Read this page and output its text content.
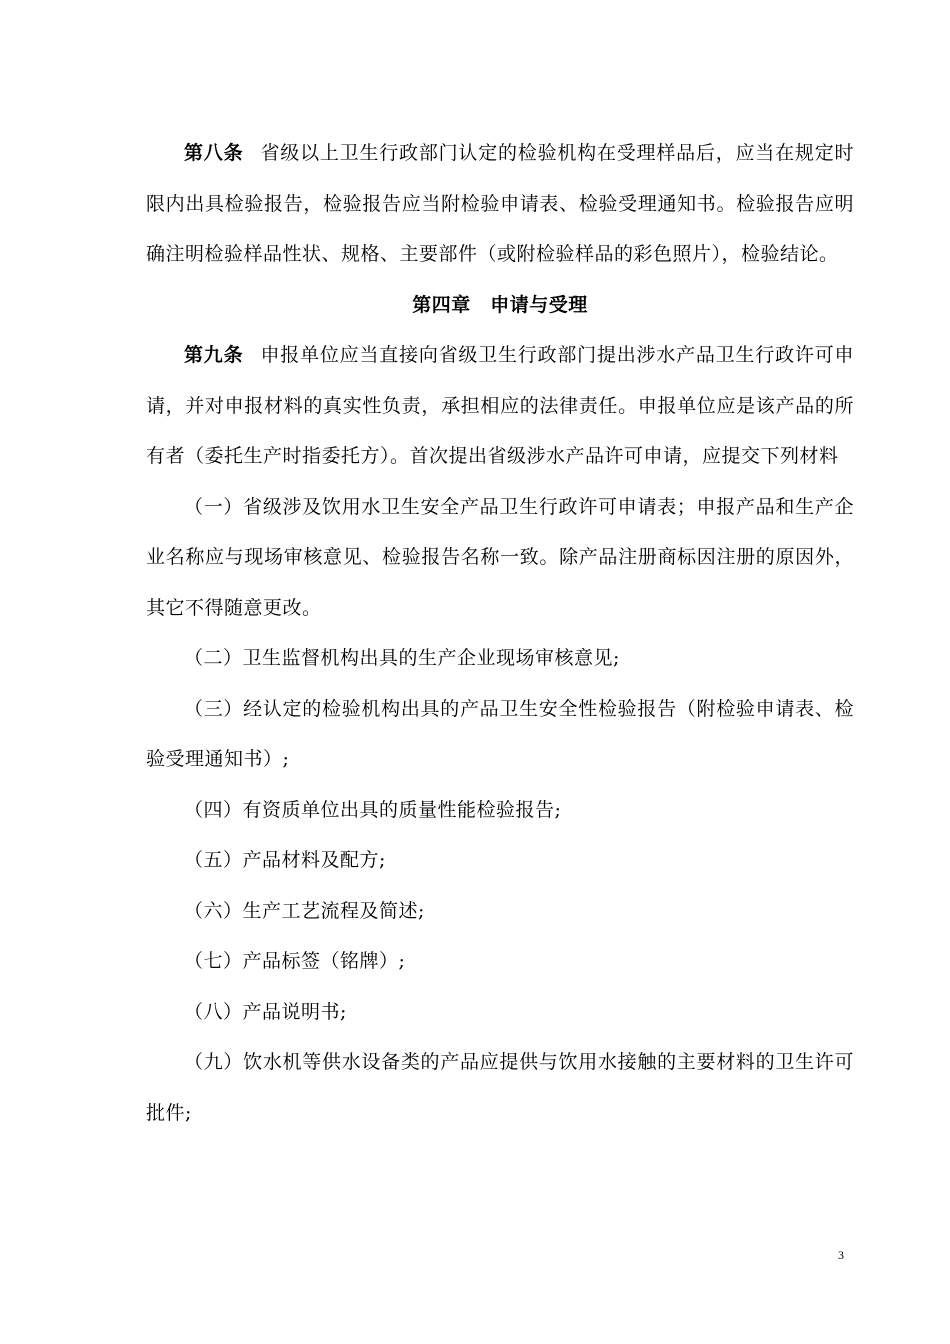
第八条 省级以上卫生行政部门认定的检验机构在受理样品后，应当在规定时限内出具检验报告，检验报告应当附检验申请表、检验受理通知书。检验报告应明确注明检验样品性状、规格、主要部件（或附检验样品的彩色照片），检验结论。

第四章　申请与受理

第九条 申报单位应当直接向省级卫生行政部门提出涉水产品卫生行政许可申请，并对申报材料的真实性负责，承担相应的法律责任。申报单位应是该产品的所有者（委托生产时指委托方）。首次提出省级涉水产品许可申请，应提交下列材料

（一）省级涉及饮用水卫生安全产品卫生行政许可申请表；申报产品和生产企业名称应与现场审核意见、检验报告名称一致。除产品注册商标因注册的原因外，其它不得随意更改。

（二）卫生监督机构出具的生产企业现场审核意见;

（三）经认定的检验机构出具的产品卫生安全性检验报告（附检验申请表、检验受理通知书）;

（四）有资质单位出具的质量性能检验报告;

（五）产品材料及配方;

（六）生产工艺流程及简述;

（七）产品标签（铭牌）;

（八）产品说明书;

（九）饮水机等供水设备类的产品应提供与饮用水接触的主要材料的卫生许可批件;

3
